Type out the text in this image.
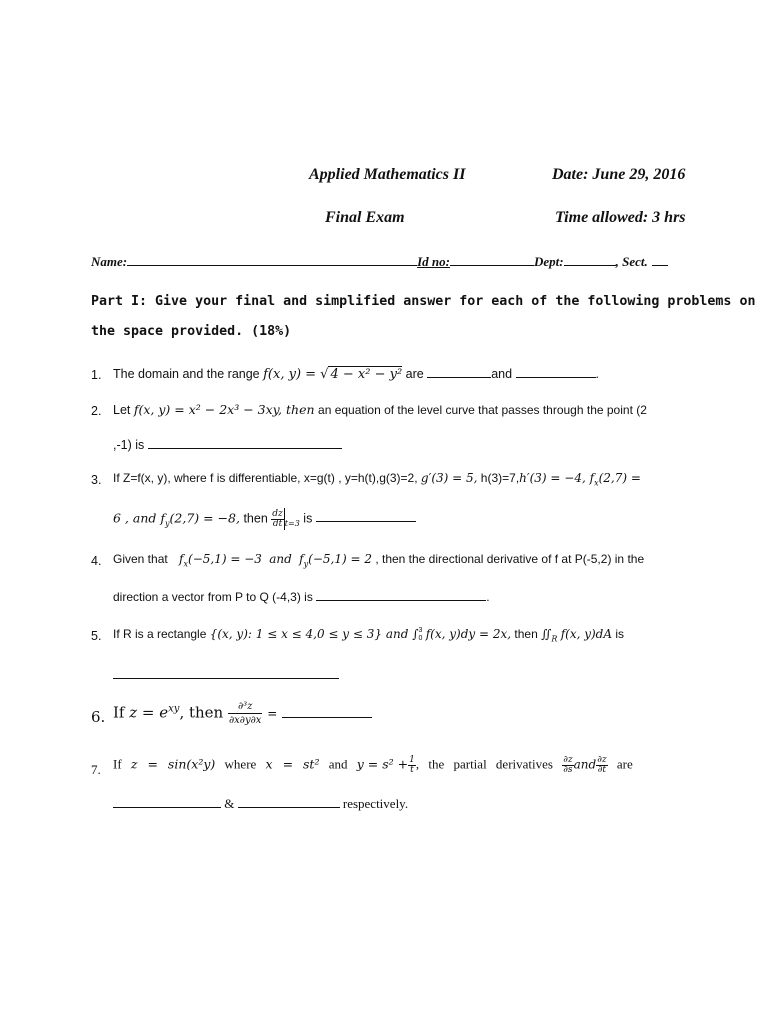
Applied Mathematics II	Date: June 29, 2016
Final Exam	Time allowed: 3 hrs
Name:	Id no:	Dept:	, Sect.
Part I: Give your final and simplified answer for each of the following problems on
the space provided. (18%)
1. The domain and the range f(x, y) = √ 4 − x² − y² are	and	.
2. Let f(x, y) = x² − 2x³ − 3xy, then an equation of the level curve that passes through the point (2
,-1) is
3. If Z=f(x, y), where f is differentiable, x=g(t) , y=h(t),g(3)=2, g′(3) = 5, h(3)=7,h′(3) = −4, $f_x(2,7)$ =
6 , and $f_y(2,7) = -8$, then $\frac{dz}{dt} _{t=3}$ is
4. Given that $f_x(-5,1) = -3$ and $f_y(-5,1) = 2$ , then the directional derivative of f at P(-5,2) in the
direction a vector from P to Q (-4,3) is	.
5. If R is a rectangle {(x, y): 1 ≤ x ≤ 4,0 ≤ y ≤ 3} and ∫ 3
0 f(x, y)dy = 2x, then $∬_R$ f(x, y)dA is
6. If $z = e^{xy}$, then $\frac{\text{∂³z}}{\partial x\partial y\partial x}$ =
7. If z = sin(x²y) where x = st² and $y = s^2 + \frac{1}{t}$ , the partial derivatives $\frac{\partial z}{\partial s}$ and $\frac{\partial z}{\partial t}$ are
&	respectively.
